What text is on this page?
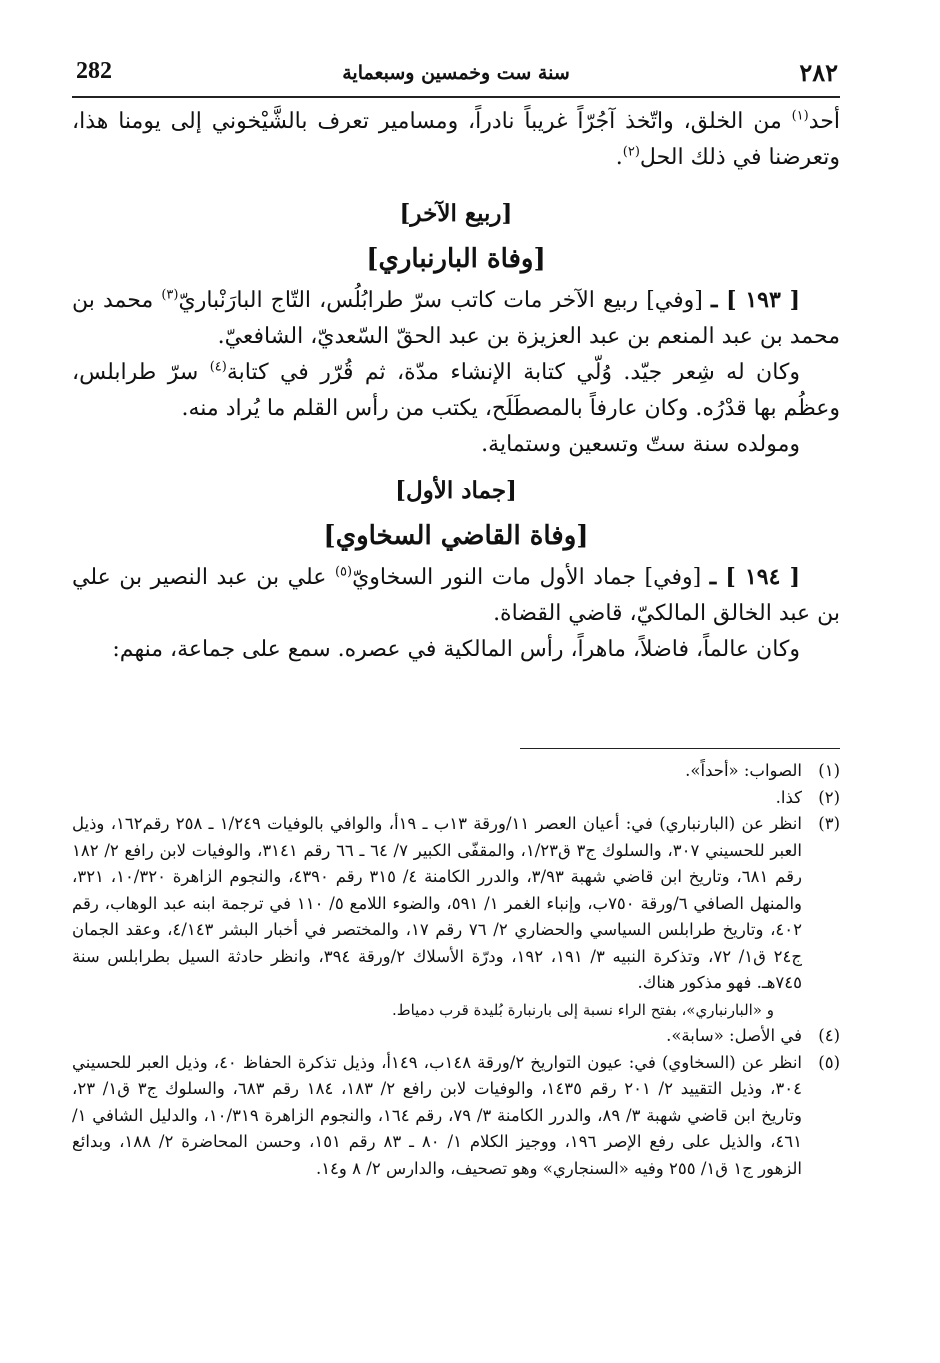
٢٨٢
سنة ست وخمسين وسبعماية
282

أحد$^{(١)}$ من الخلق، واتّخذ آجُرّاً غريباً نادراً، ومسامير تعرف بالشَّيْخوني إلى يومنا هذا، وتعرضنا في ذلك الحل$^{(٢)}$.

[ربيع الآخر]
[وفاة البارنباري]

[ ١٩٣ ] ـ [وفي] ربيع الآخر مات كاتب سرّ طرابُلُس، التّاج البارَنْباريّ$^{(٣)}$ محمد بن محمد بن عبد المنعم بن عبد العزيزة بن عبد الحقّ السّعديّ، الشافعيّ.

وكان له شِعر جيّد. وُلّي كتابة الإنشاء مدّة، ثم قُرّر في كتابة$^{(٤)}$ سرّ طرابلس، وعظُم بها قدْرُه. وكان عارفاً بالمصطَلَح، يكتب من رأس القلم ما يُراد منه.

ومولده سنة ستّ وتسعين وستماية.

[جماد الأول]
[وفاة القاضي السخاوي]

[ ١٩٤ ] ـ [وفي] جماد الأول مات النور السخاويّ$^{(٥)}$ علي بن عبد النصير بن علي بن عبد الخالق المالكيّ، قاضي القضاة.

وكان عالماً، فاضلاً، ماهراً، رأس المالكية في عصره. سمع على جماعة، منهم:

(١)
الصواب: «أحداً».
(٢)
كذا.
(٣)
انظر عن (البارنباري) في: أعيان العصر ١١/ورقة ١٣ب ـ ١٩أ، والوافي بالوفيات ١/٢٤٩ ـ ٢٥٨ رقم١٦٢، وذيل العبر للحسيني ٣٠٧، والسلوك ج٣ ق١/٢٣، والمقفّى الكبير ٧/ ٦٤ ـ ٦٦ رقم ٣١٤١، والوفيات لابن رافع ٢/ ١٨٢ رقم ٦٨١، وتاريخ ابن قاضي شهبة ٣/٩٣، والدرر الكامنة ٤/ ٣١٥ رقم ٤٣٩٠، والنجوم الزاهرة ١٠/٣٢٠، ٣٢١، والمنهل الصافي ٦/ورقة ٧٥٠ب، وإنباء الغمر ١/ ٥٩١، والضوء اللامع ٥/ ١١٠ في ترجمة ابنه عبد الوهاب، رقم ٤٠٢، وتاريخ طرابلس السياسي والحضاري ٢/ ٧٦ رقم ١٧، والمختصر في أخبار البشر ٤/١٤٣، وعقد الجمان ج٢٤ ق١/ ٧٢، وتذكرة النبيه ٣/ ١٩١، ١٩٢، ودرّة الأسلاك ٢/ورقة ٣٩٤، وانظر حادثة السيل بطرابلس سنة ٧٤٥هـ. فهو مذكور هناك.
و «البارنباري»، بفتح الراء نسبة إلى بارنبارة بُليدة قرب دمياط.
(٤)
في الأصل: «سابة».
(٥)
انظر عن (السخاوي) في: عيون التواريخ ٢/ورقة ١٤٨ب، ١٤٩أ، وذيل تذكرة الحفاظ ٤٠، وذيل العبر للحسيني ٣٠٤، وذيل التقييد ٢/ ٢٠١ رقم ١٤٣٥، والوفيات لابن رافع ٢/ ١٨٣، ١٨٤ رقم ٦٨٣، والسلوك ج٣ ق١/ ٢٣، وتاريخ ابن قاضي شهبة ٣/ ٨٩، والدرر الكامنة ٣/ ٧٩، رقم ١٦٤، والنجوم الزاهرة ١٠/٣١٩، والدليل الشافي ١/ ٤٦١، والذيل على رفع الإصر ١٩٦، ووجيز الكلام ١/ ٨٠ ـ ٨٣ رقم ١٥١، وحسن المحاضرة ٢/ ١٨٨، وبدائع الزهور ج١ ق١/ ٢٥٥ وفيه «السنجاري» وهو تصحيف، والدارس ٢/ ٨ و١٤.
